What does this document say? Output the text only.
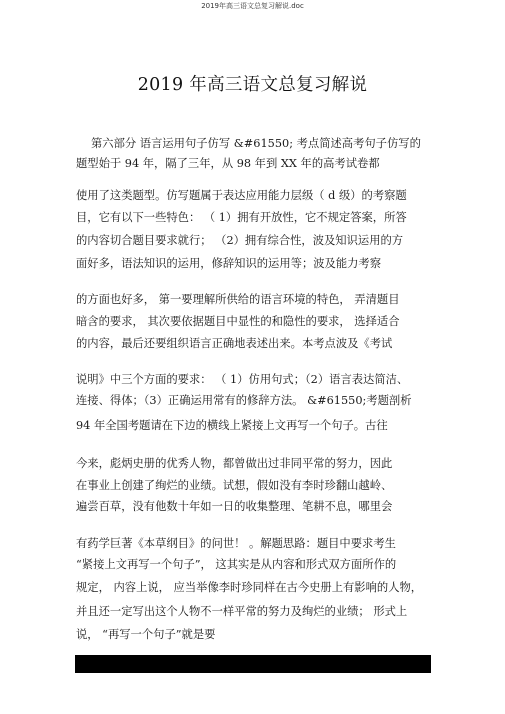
2019年高三语文总复习解说.doc
2019 年高三语文总复习解说
第六部分 语言运用句子仿写 &#61550; 考点简述高考句子仿写的
题型始于 94 年，隔了三年，从 98 年到 XX 年的高考试卷都
使用了这类题型。仿写题属于表达应用能力层级（ d 级）的考察题
目，它有以下一些特色： （ 1）拥有开放性，它不规定答案，所答
的内容切合题目要求就行； （2）拥有综合性，波及知识运用的方
面好多，语法知识的运用，修辞知识的运用等；波及能力考察
的方面也好多， 第一要理解所供给的语言环境的特色， 弄清题目
暗含的要求， 其次要依据题目中显性的和隐性的要求， 选择适合
的内容，最后还要组织语言正确地表述出来。本考点波及《考试
说明》中三个方面的要求： （ 1）仿用句式；（2）语言表达简洁、
连接、得体；（3）正确运用常有的修辞方法。 &#61550;考题剖析
94 年全国考题请在下边的横线上紧接上文再写一个句子。古往
今来，彪炳史册的优秀人物，都曾做出过非同平常的努力，因此
在事业上创建了绚烂的业绩。试想，假如没有李时珍翻山越岭、
遍尝百草，没有他数十年如一日的收集整理、笔耕不息，哪里会
有药学巨著《本草纲目》的问世！ 。解题思路：题目中要求考生
“紧接上文再写一个句子”， 这其实是从内容和形式双方面所作的
规定， 内容上说， 应当举像李时珍同样在古今史册上有影响的人物，
并且还一定写出这个人物不一样平常的努力及绚烂的业绩； 形式上
说， “再写一个句子”就是要
